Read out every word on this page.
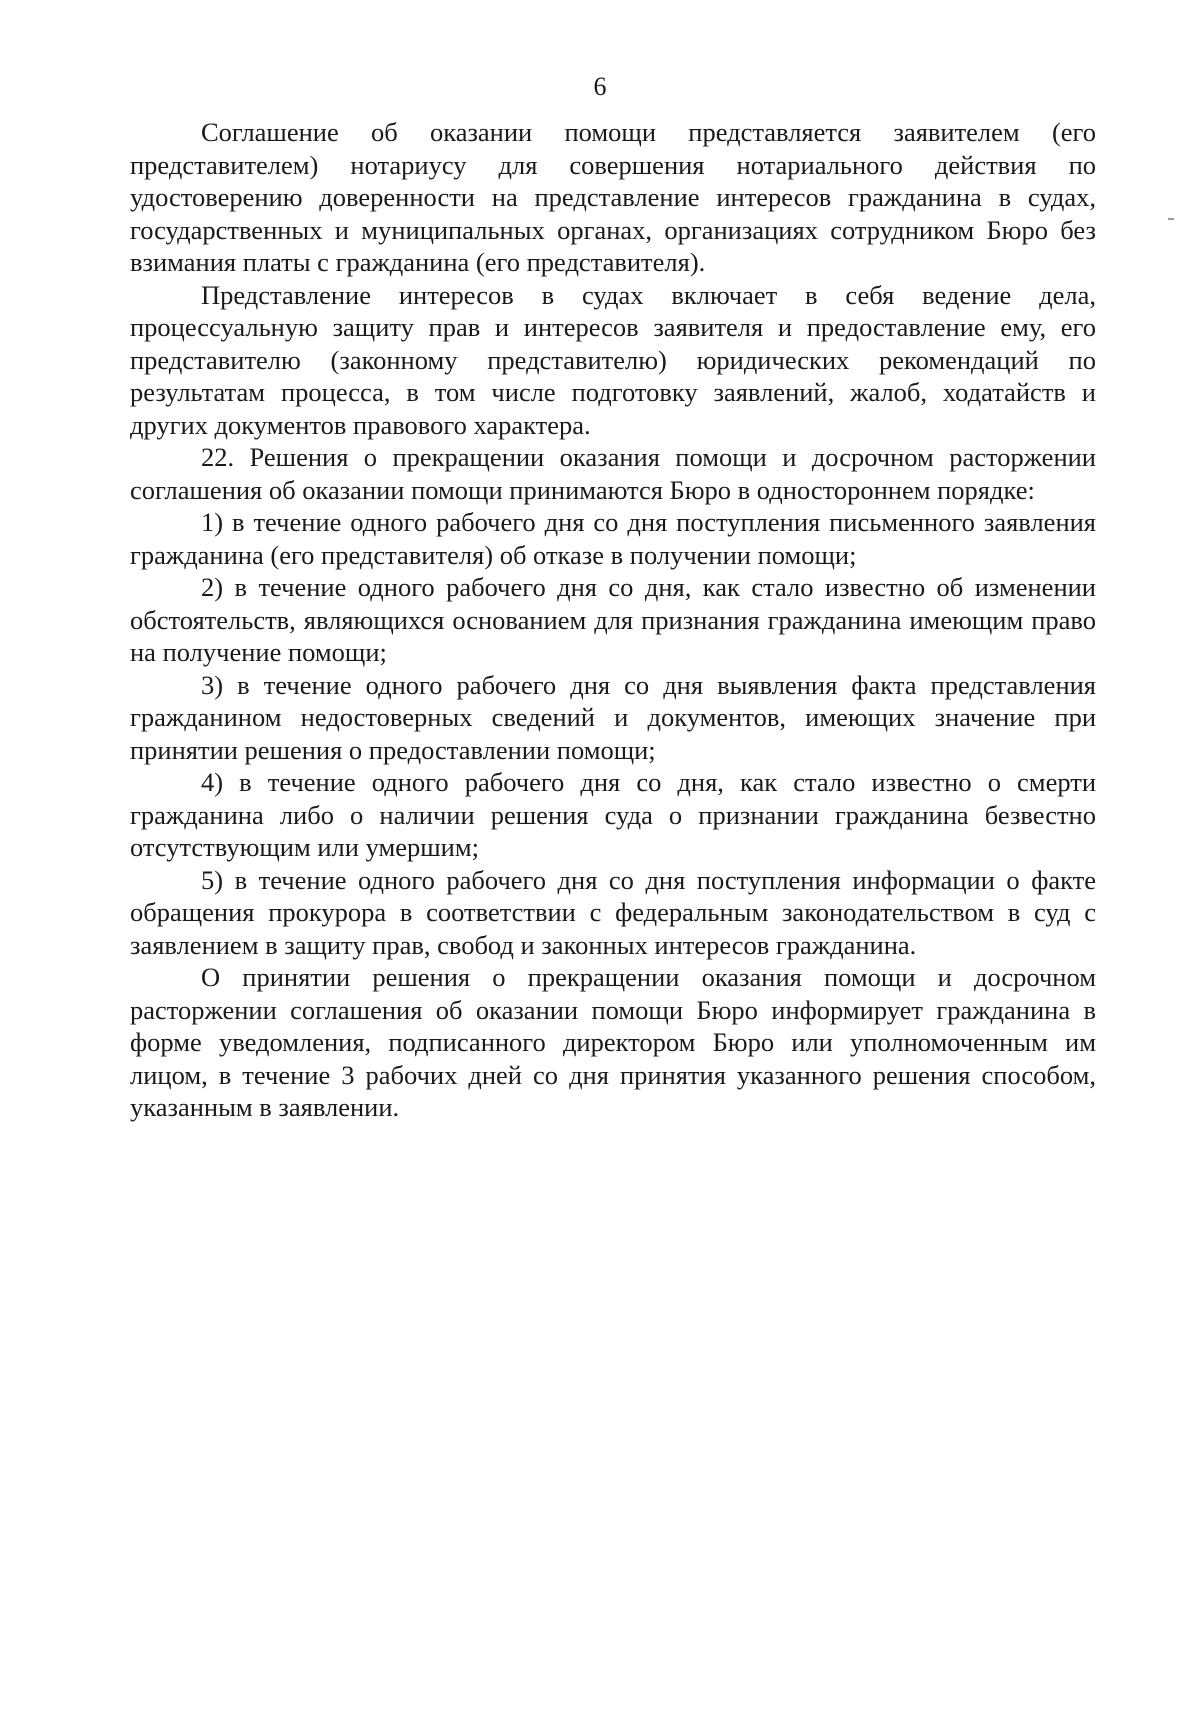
6

Соглашение об оказании помощи представляется заявителем (его представителем) нотариусу для совершения нотариального действия по удостоверению доверенности на представление интересов гражданина в судах, государственных и муниципальных органах, организациях сотрудником Бюро без взимания платы с гражданина (его представителя).

Представление интересов в судах включает в себя ведение дела, процессуальную защиту прав и интересов заявителя и предоставление ему, его представителю (законному представителю) юридических рекомендаций по результатам процесса, в том числе подготовку заявлений, жалоб, ходатайств и других документов правового характера.

22. Решения о прекращении оказания помощи и досрочном расторжении соглашения об оказании помощи принимаются Бюро в одностороннем порядке:

1) в течение одного рабочего дня со дня поступления письменного заявления гражданина (его представителя) об отказе в получении помощи;

2) в течение одного рабочего дня со дня, как стало известно об изменении обстоятельств, являющихся основанием для признания гражданина имеющим право на получение помощи;

3) в течение одного рабочего дня со дня выявления факта представления гражданином недостоверных сведений и документов, имеющих значение при принятии решения о предоставлении помощи;

4) в течение одного рабочего дня со дня, как стало известно о смерти гражданина либо о наличии решения суда о признании гражданина безвестно отсутствующим или умершим;

5) в течение одного рабочего дня со дня поступления информации о факте обращения прокурора в соответствии с федеральным законодательством в суд с заявлением в защиту прав, свобод и законных интересов гражданина.

О принятии решения о прекращении оказания помощи и досрочном расторжении соглашения об оказании помощи Бюро информирует гражданина в форме уведомления, подписанного директором Бюро или уполномоченным им лицом, в течение 3 рабочих дней со дня принятия указанного решения способом, указанным в заявлении.
